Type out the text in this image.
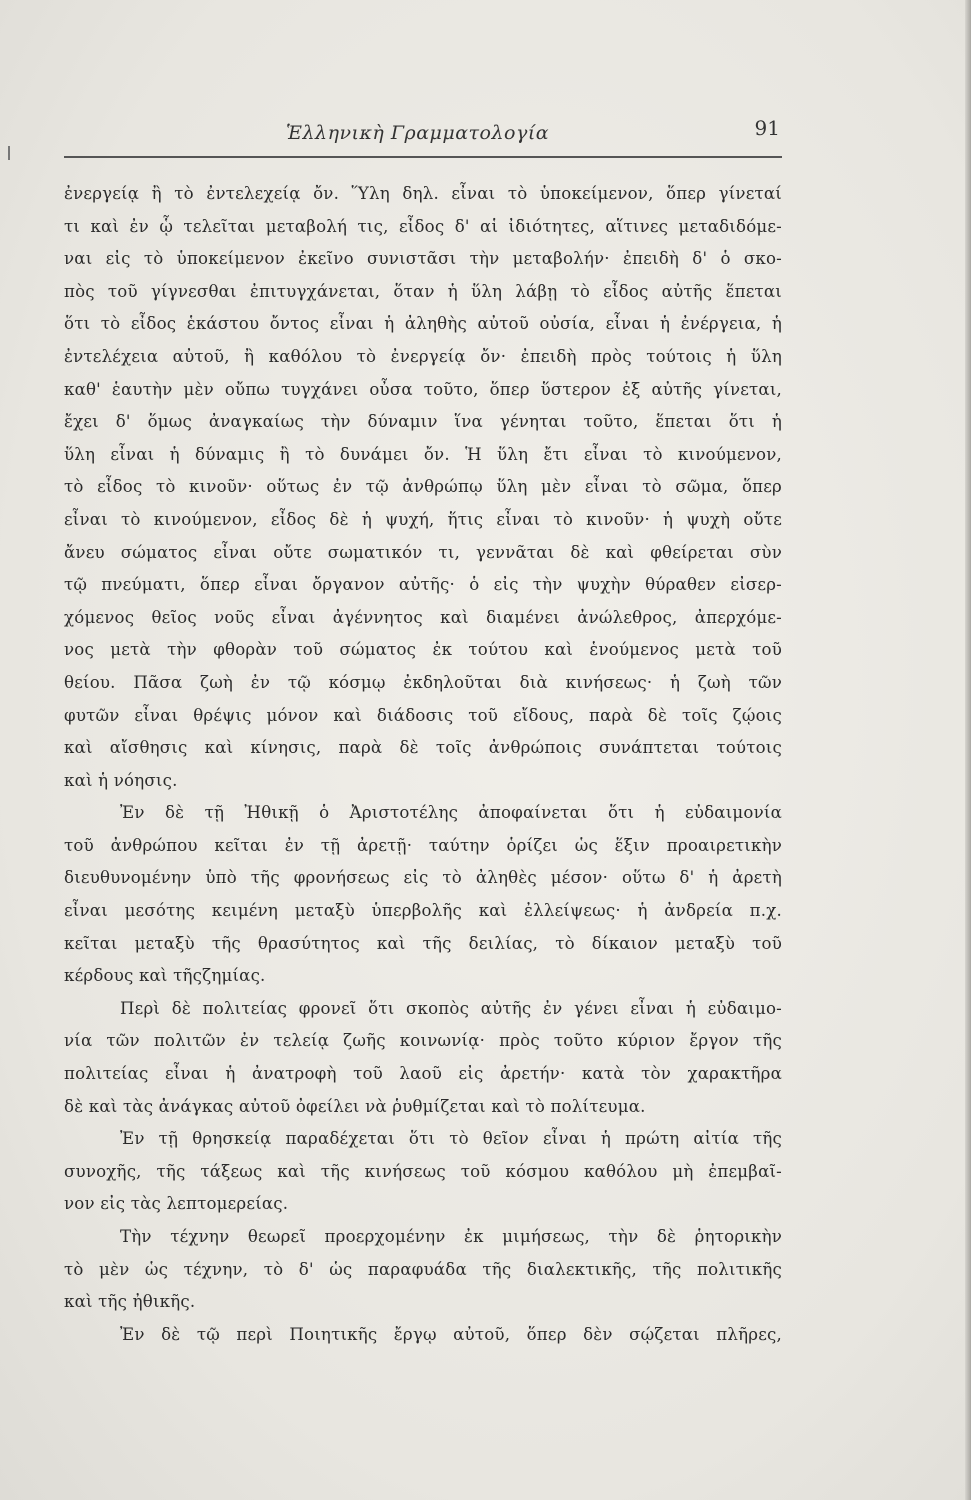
Ἑλληνικὴ Γραμματολογία	91
ἐνεργείᾳ ἢ τὸ ἐντελεχείᾳ ὄν. Ὕλη δηλ. εἶναι τὸ ὑποκείμενον, ὅπερ γίνεταί
τι καὶ ἐν ᾧ τελεῖται μεταβολή τις, εἶδος δ' αἱ ἰδιότητες, αἵτινες μεταδιδόμε-
ναι εἰς τὸ ὑποκείμενον ἐκεῖνο συνιστᾶσι τὴν μεταβολήν· ἐπειδὴ δ' ὁ σκο-
πὸς τοῦ γίγνεσθαι ἐπιτυγχάνεται, ὅταν ἡ ὕλη λάβῃ τὸ εἶδος αὐτῆς ἕπεται
ὅτι τὸ εἶδος ἑκάστου ὄντος εἶναι ἡ ἀληθὴς αὐτοῦ οὐσία, εἶναι ἡ ἐνέργεια, ἡ
ἐντελέχεια αὐτοῦ, ἢ καθόλου τὸ ἐνεργείᾳ ὄν· ἐπειδὴ πρὸς τούτοις ἡ ὕλη
καθ' ἑαυτὴν μὲν οὔπω τυγχάνει οὖσα τοῦτο, ὅπερ ὕστερον ἐξ αὐτῆς γίνεται,
ἔχει δ' ὅμως ἀναγκαίως τὴν δύναμιν ἵνα γένηται τοῦτο, ἕπεται ὅτι ἡ
ὕλη εἶναι ἡ δύναμις ἢ τὸ δυνάμει ὄν. Ἡ ὕλη ἔτι εἶναι τὸ κινούμενον,
τὸ εἶδος τὸ κινοῦν· οὕτως ἐν τῷ ἀνθρώπῳ ὕλη μὲν εἶναι τὸ σῶμα, ὅπερ
εἶναι τὸ κινούμενον, εἶδος δὲ ἡ ψυχή, ἥτις εἶναι τὸ κινοῦν· ἡ ψυχὴ οὔτε
ἄνευ σώματος εἶναι οὔτε σωματικόν τι, γεννᾶται δὲ καὶ φθείρεται σὺν
τῷ πνεύματι, ὅπερ εἶναι ὄργανον αὐτῆς· ὁ εἰς τὴν ψυχὴν θύραθεν εἰσερ-
χόμενος θεῖος νοῦς εἶναι ἀγέννητος καὶ διαμένει ἀνώλεθρος, ἀπερχόμε-
νος μετὰ τὴν φθορὰν τοῦ σώματος ἐκ τούτου καὶ ἑνούμενος μετὰ τοῦ
θείου. Πᾶσα ζωὴ ἐν τῷ κόσμῳ ἐκδηλοῦται διὰ κινήσεως· ἡ ζωὴ τῶν
φυτῶν εἶναι θρέψις μόνον καὶ διάδοσις τοῦ εἴδους, παρὰ δὲ τοῖς ζῴοις
καὶ αἴσθησις καὶ κίνησις, παρὰ δὲ τοῖς ἀνθρώποις συνάπτεται τούτοις
καὶ ἡ νόησις.
Ἐν δὲ τῇ Ἠθικῇ ὁ Ἀριστοτέλης ἀποφαίνεται ὅτι ἡ εὐδαιμονία
τοῦ ἀνθρώπου κεῖται ἐν τῇ ἀρετῇ· ταύτην ὁρίζει ὡς ἕξιν προαιρετικὴν
διευθυνομένην ὑπὸ τῆς φρονήσεως εἰς τὸ ἀληθὲς μέσον· οὕτω δ' ἡ ἀρετὴ
εἶναι μεσότης κειμένη μεταξὺ ὑπερβολῆς καὶ ἐλλείψεως· ἡ ἀνδρεία π.χ.
κεῖται μεταξὺ τῆς θρασύτητος καὶ τῆς δειλίας, τὸ δίκαιον μεταξὺ τοῦ
κέρδους καὶ τῆςζημίας.
Περὶ δὲ πολιτείας φρονεῖ ὅτι σκοπὸς αὐτῆς ἐν γένει εἶναι ἡ εὐδαιμο-
νία τῶν πολιτῶν ἐν τελείᾳ ζωῆς κοινωνίᾳ· πρὸς τοῦτο κύριον ἔργον τῆς
πολιτείας εἶναι ἡ ἀνατροφὴ τοῦ λαοῦ εἰς ἀρετήν· κατὰ τὸν χαρακτῆρα
δὲ καὶ τὰς ἀνάγκας αὐτοῦ ὀφείλει νὰ ῥυθμίζεται καὶ τὸ πολίτευμα.
Ἐν τῇ θρησκείᾳ παραδέχεται ὅτι τὸ θεῖον εἶναι ἡ πρώτη αἰτία τῆς
συνοχῆς, τῆς τάξεως καὶ τῆς κινήσεως τοῦ κόσμου καθόλου μὴ ἐπεμβαῖ-
νον εἰς τὰς λεπτομερείας.
Τὴν τέχνην θεωρεῖ προερχομένην ἐκ μιμήσεως, τὴν δὲ ῥητορικὴν
τὸ μὲν ὡς τέχνην, τὸ δ' ὡς παραφυάδα τῆς διαλεκτικῆς, τῆς πολιτικῆς
καὶ τῆς ἠθικῆς.
Ἐν δὲ τῷ περὶ Ποιητικῆς ἔργῳ αὐτοῦ, ὅπερ δὲν σῴζεται πλῆρες,
